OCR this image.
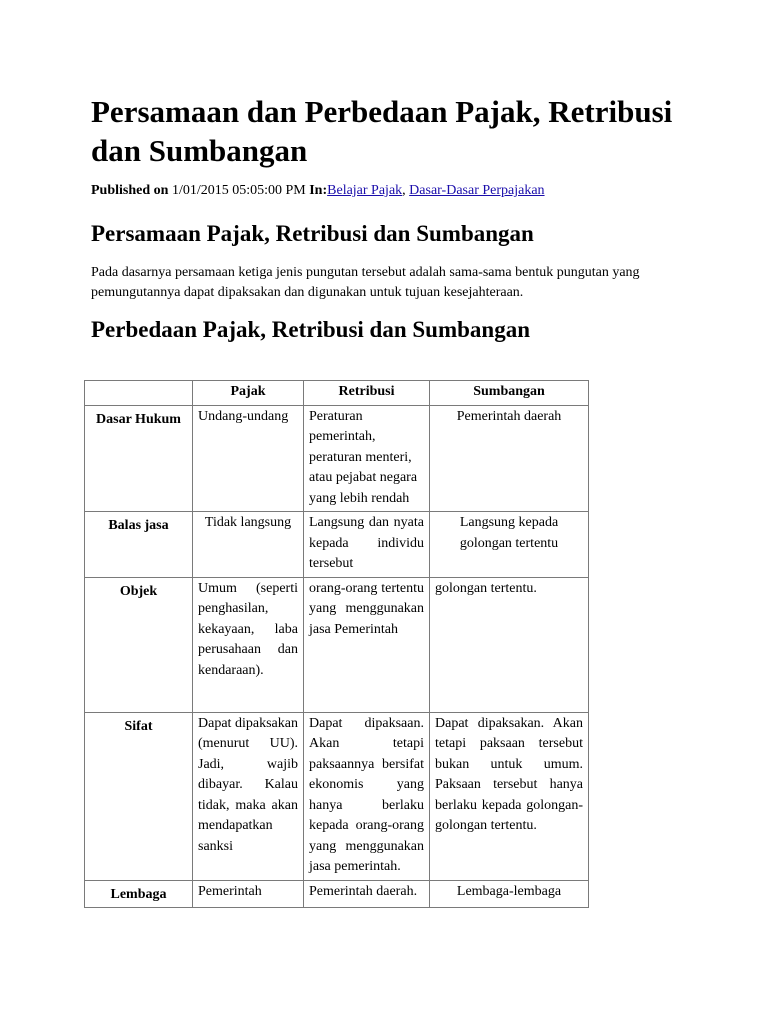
Persamaan dan Perbedaan Pajak, Retribusi dan Sumbangan
Published on 1/01/2015 05:05:00 PM In:Belajar Pajak, Dasar-Dasar Perpajakan
Persamaan Pajak, Retribusi dan Sumbangan

Pada dasarnya persamaan ketiga jenis pungutan tersebut adalah sama-sama bentuk pungutan yang pemungutannya dapat dipaksakan dan digunakan untuk tujuan kesejahteraan.

Perbedaan Pajak, Retribusi dan Sumbangan
	Pajak	Retribusi	Sumbangan
Dasar Hukum	Undang-undang	Peraturan pemerintah, peraturan menteri, atau pejabat negara yang lebih rendah	Pemerintah daerah
Balas jasa	Tidak langsung	Langsung dan nyata kepada individu tersebut	Langsung kepada golongan tertentu
Objek	Umum (seperti penghasilan, kekayaan, laba perusahaan dan kendaraan).	orang-orang tertentu yang menggunakan jasa Pemerintah	golongan tertentu.
Sifat	Dapat dipaksakan (menurut UU). Jadi, wajib dibayar. Kalau tidak, maka akan mendapatkan sanksi	Dapat dipaksaan. Akan tetapi paksaannya bersifat ekonomis yang hanya berlaku kepada orang-orang yang menggunakan jasa pemerintah.	Dapat dipaksakan. Akan tetapi paksaan tersebut bukan untuk umum. Paksaan tersebut hanya berlaku kepada golongan-golongan tertentu.
Lembaga	Pemerintah	Pemerintah daerah.	Lembaga-lembaga
